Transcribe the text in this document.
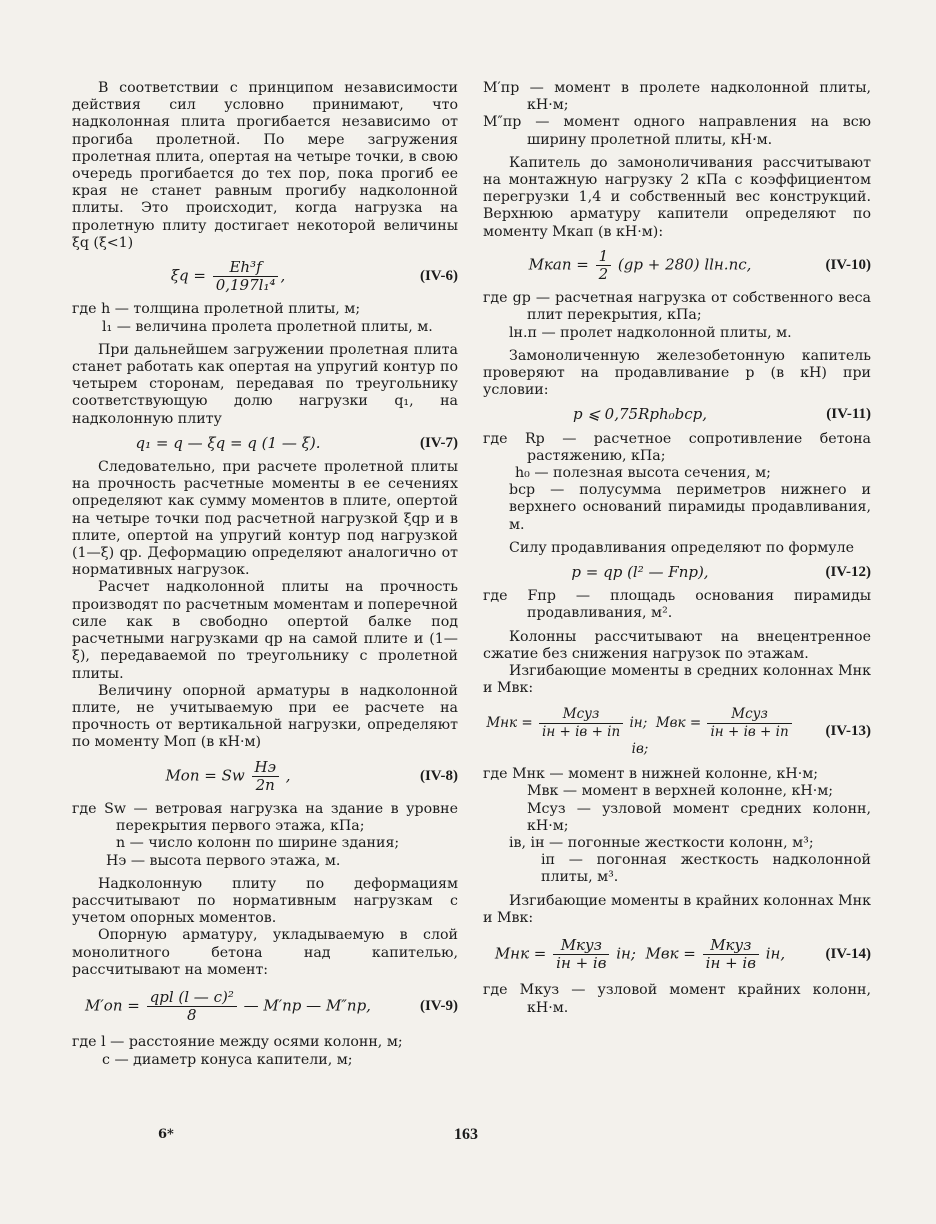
В соответствии с принципом независимости действия сил условно принимают, что надколонная плита прогибается независимо от прогиба пролетной. По мере загружения пролетная плита, опертая на четыре точки, в свою очередь прогибается до тех пор, пока прогиб ее края не станет равным прогибу надколонной плиты. Это происходит, когда нагрузка на пролетную плиту достигает некоторой величины ξq (ξ<1)

$\xi q = \frac{\text{Eh³f}}{\text{0,197l₁⁴}}$ ,	(IV-6)

где h — толщина пролетной плиты, м;

l₁ — величина пролета пролетной плиты, м.

При дальнейшем загружении пролетная плита станет работать как опертая на упругий контур по четырем сторонам, передавая по треугольнику соответствующую долю нагрузки q₁, на надколонную плиту

q₁ = q — ξq = q (1 — ξ).	(IV-7)

Следовательно, при расчете пролетной плиты на прочность расчетные моменты в ее сечениях определяют как сумму моментов в плите, опертой на четыре точки под расчетной нагрузкой ξqр и в плите, опертой на упругий контур под нагрузкой (1—ξ) qр. Деформацию определяют аналогично от нормативных нагрузок.

Расчет надколонной плиты на прочность производят по расчетным моментам и поперечной силе как в свободно опертой балке под расчетными нагрузками qр на самой плите и (1—ξ), передаваемой по треугольнику с пролетной плиты.

Величину опорной арматуры в надколонной плите, не учитываемую при ее расчете на прочность от вертикальной нагрузки, определяют по моменту Mоп (в кН·м)

Mоп = Sw $\frac{Hэ}{2n}$ ,	(IV-8)

где Sw — ветровая нагрузка на здание в уровне перекрытия первого этажа, кПа;

n — число колонн по ширине здания;

Hэ — высота первого этажа, м.

Надколонную плиту по деформациям рассчитывают по нормативным нагрузкам с учетом опорных моментов.

Опорную арматуру, укладываемую в слой монолитного бетона над капителью, рассчитывают на момент:

$M'оп = \frac{\text{qрl (l — c)²}}{8}$ — M′пр — M″пр,	(IV-9)

где l — расстояние между осями колонн, м;

c — диаметр конуса капители, м;

M′пр — момент в пролете надколонной плиты, кН·м;

M″пр — момент одного направления на всю ширину пролетной плиты, кН·м.

Капитель до замоноличивания рассчитывают на монтажную нагрузку 2 кПа с коэффициентом перегрузки 1,4 и собственный вес конструкций. Верхнюю арматуру капители определяют по моменту Mкап (в кН·м):

Mкап = $\frac{1}{2} (gр + 280)$ llн.пc,	(IV-10)

где gр — расчетная нагрузка от собственного веса плит перекрытия, кПа;

lн.п — пролет надколонной плиты, м.

Замоноличенную железобетонную капитель проверяют на продавливание p (в кН) при условии:

p ⩽ 0,75Rрh₀bср,	(IV-11)

где Rр — расчетное сопротивление бетона растяжению, кПа;

h₀ — полезная высота сечения, м;

bср — полусумма периметров нижнего и верхнего оснований пирамиды продавливания, м.

Силу продавливания определяют по формуле

p = qр (l² — Fпр),	(IV-12)

где Fпр — площадь основания пирамиды продавливания, м².

Колонны рассчитывают на внецентренное сжатие без снижения нагрузок по этажам.

Изгибающие моменты в средних колоннах Mнк и Mвк:

Mнк = $\frac{\text{Mсуз}}{iн + iв + iп}$ iн;  Mвк = $\frac{\text{Mсуз}}{iн + iв + iп}$
iв;
(IV-13)

где Mнк — момент в нижней колонне, кН·м;

Mвк — момент в верхней колонне, кН·м;

Mсуз — узловой момент средних колонн, кН·м;

iв, iн — погонные жесткости колонн, м³;

iп — погонная жесткость надколонной плиты, м³.

Изгибающие моменты в крайних колоннах Mнк и Mвк:

Mнк = $\frac{\text{Mкуз}}{iн + iв}$ iн;  Mвк = $\frac{\text{Mкуз}}{iн + iв}$ iн,	(IV-14)

где Mкуз — узловой момент крайних колонн, кН·м.

6*	163
